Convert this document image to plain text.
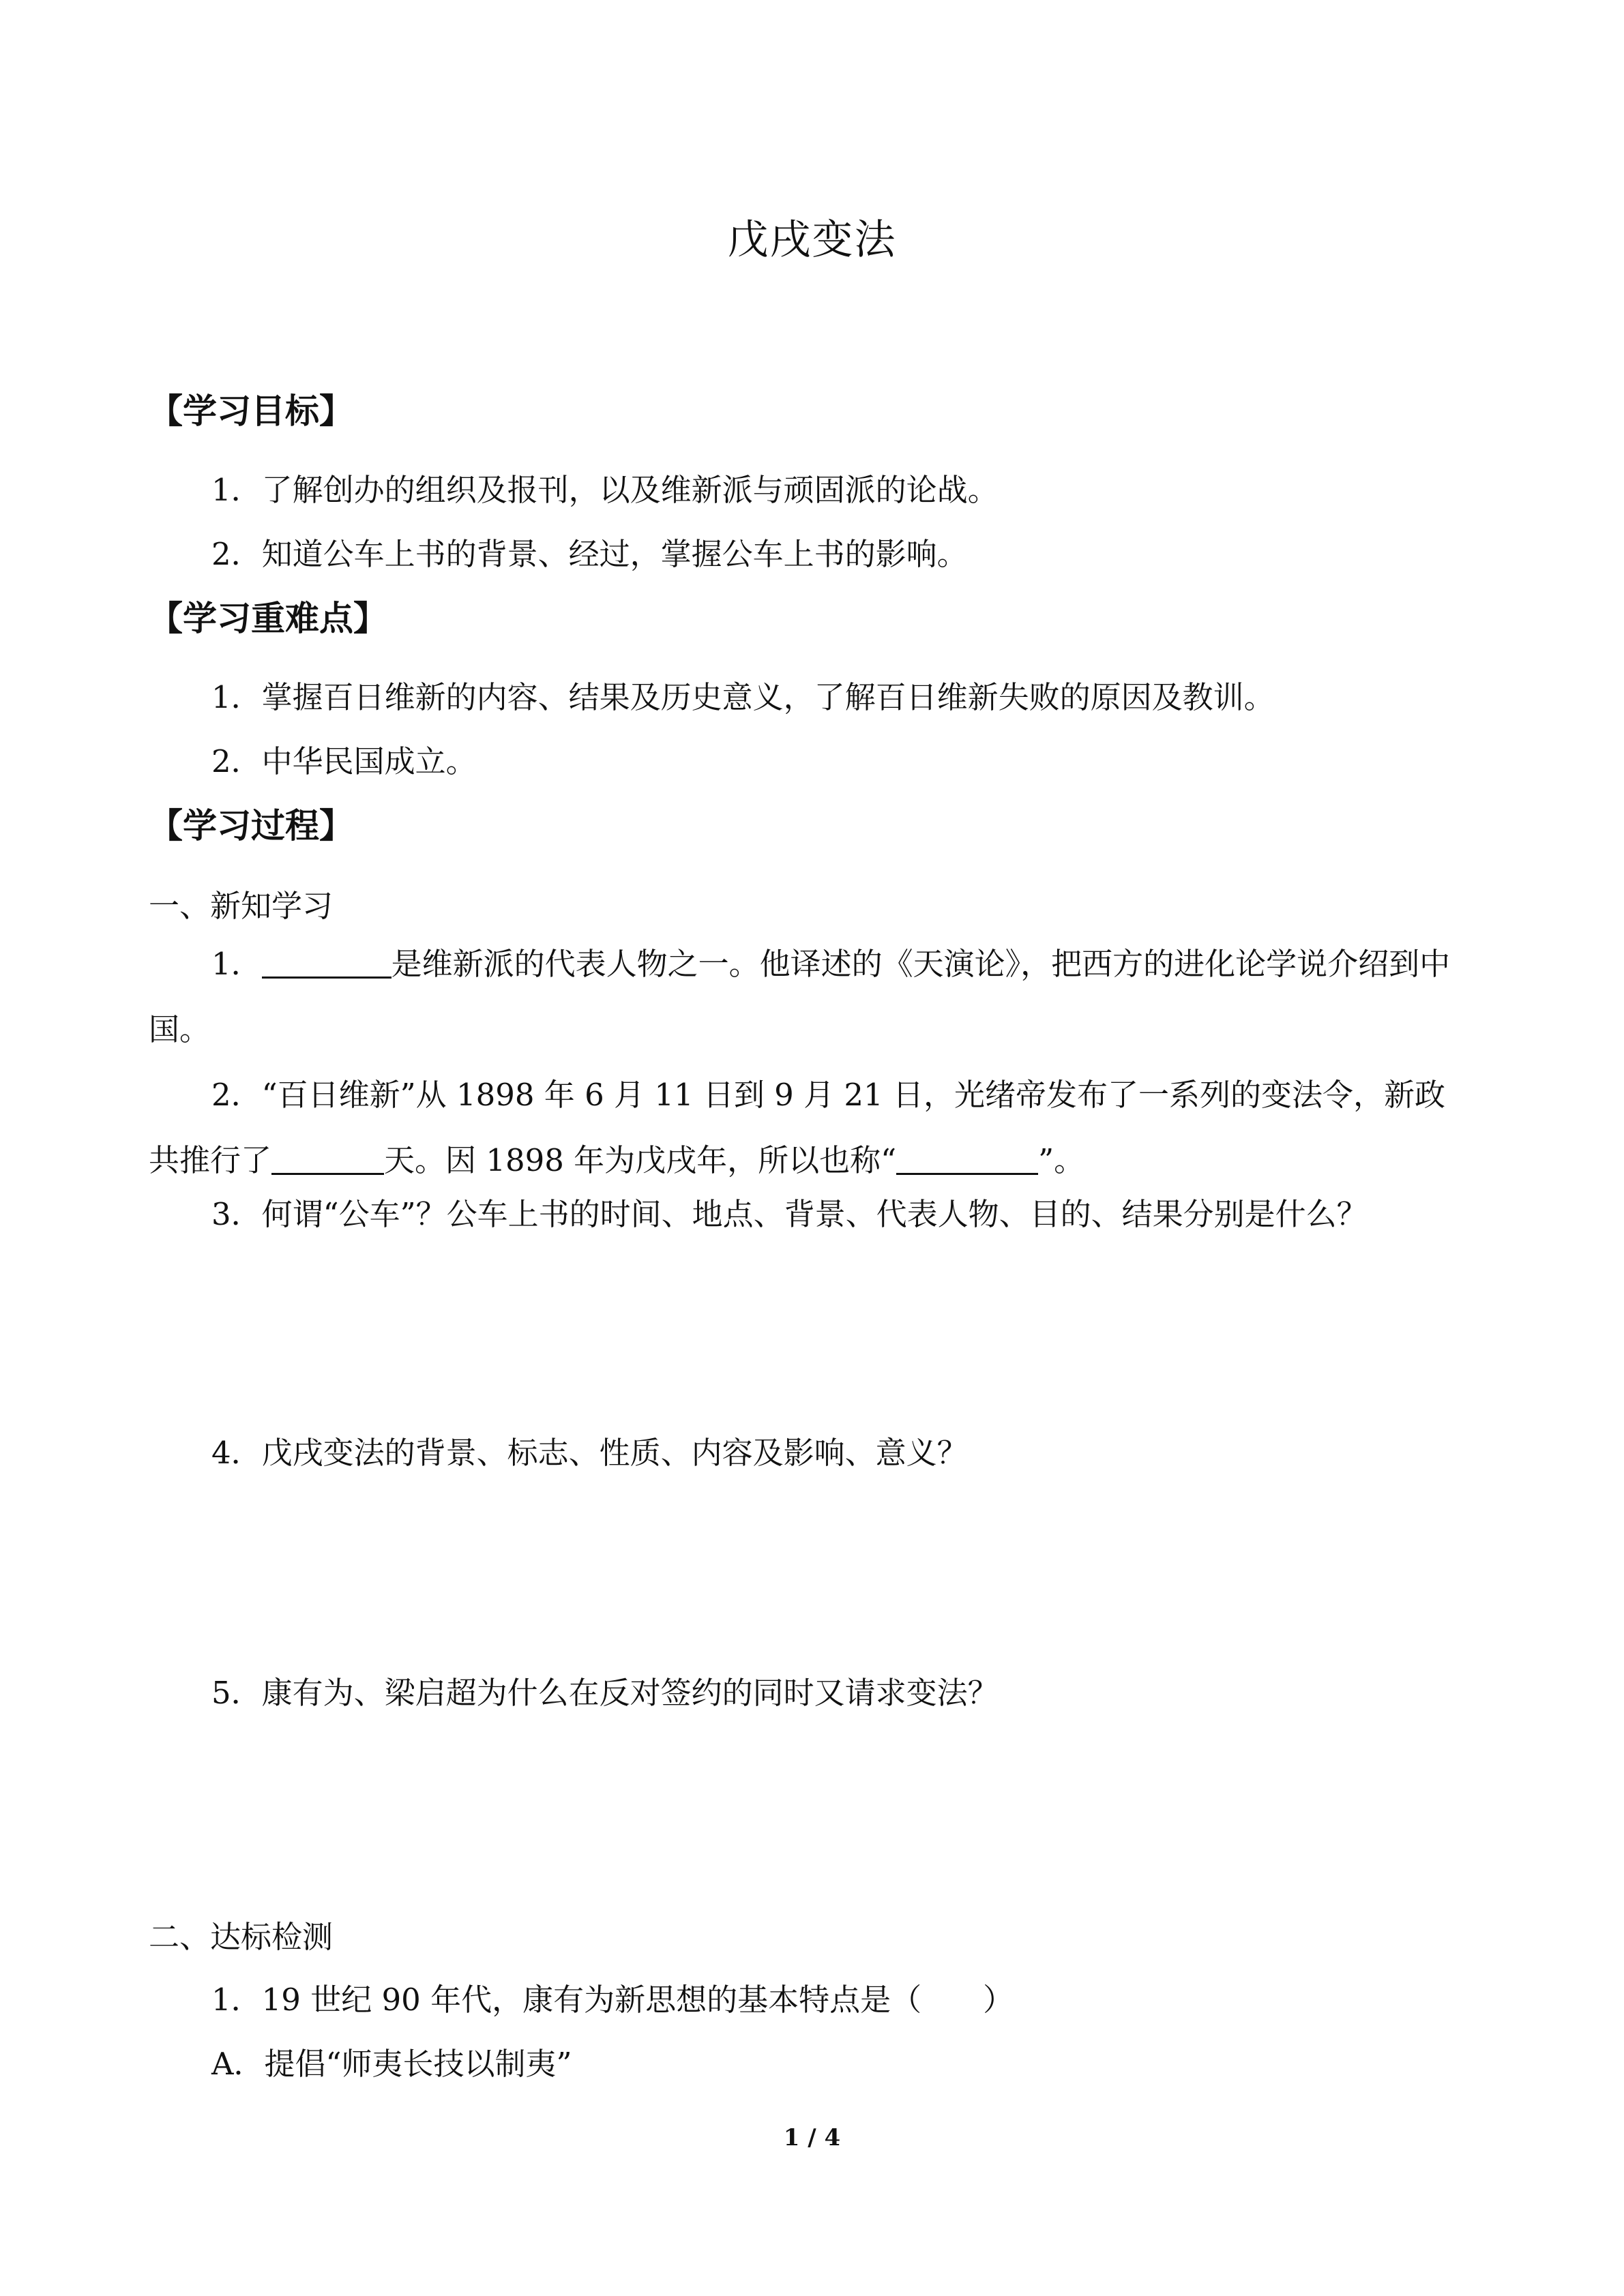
戊戌变法
【学习目标】
1．了解创办的组织及报刊，以及维新派与顽固派的论战。
2．知道公车上书的背景、经过，掌握公车上书的影响。
【学习重难点】
1．掌握百日维新的内容、结果及历史意义，了解百日维新失败的原因及教训。
2．中华民国成立。
【学习过程】
一、新知学习
1．	是维新派的代表人物之一。他译述的《天演论》，把西方的进化论学说介绍到中国。
2．“百日维新”从 1898 年 6 月 11 日到 9 月 21 日，光绪帝发布了一系列的变法令，新政共推行了	天。因 1898 年为戊戌年，所以也称“	”。
3．何谓“公车”？公车上书的时间、地点、背景、代表人物、目的、结果分别是什么？
4．戊戌变法的背景、标志、性质、内容及影响、意义？
5．康有为、梁启超为什么在反对签约的同时又请求变法？
二、达标检测
1．19 世纪 90 年代，康有为新思想的基本特点是（　　）
A．提倡“师夷长技以制夷”
1 / 4
